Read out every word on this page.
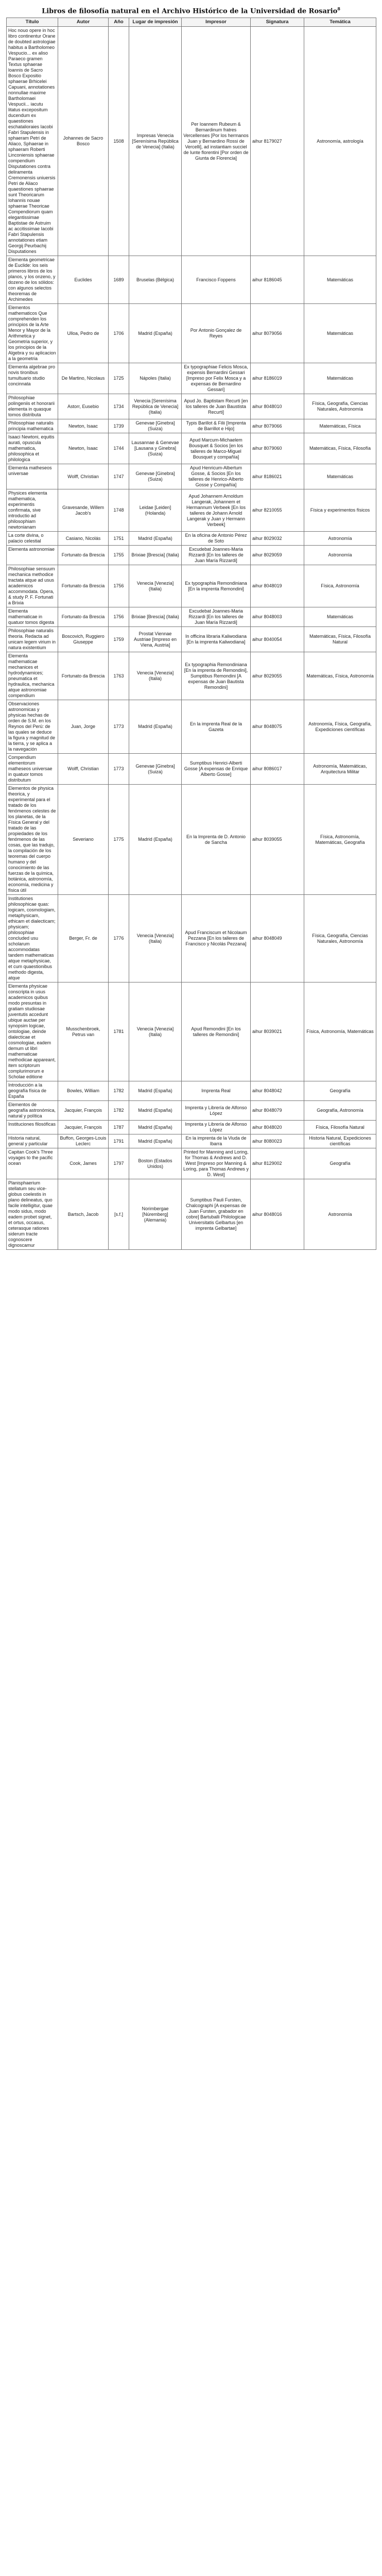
Libros de filosofía natural en el Archivo Histórico de la Universidad de Rosario$^8$
Título	Autor	Año	Lugar de impresión	Impresor	Signatura	Temática
Hoc nouo opere in hoc libro continentur Orane de doubted astrologiae habitus a Bartholomeo Vespucio... ex aliso Paraeco gramen Textus sphaerae loannis de Sacro Bosco Expositio sphaerae Brhicelei Capuani, annotationes nonnullae maxime Bartholomaei Vespucii... iacutu litatus excepositum ducendum ex quaestiones eschatalioraies Iacobi Fabri Stapulensis in sphaeram Petri de Aliaco, Sphaerae in sphaeram Roberti Linconiensis sphaerae compendium Disputationes contra deliramenta Cremonensis uniuersis Petri de Aliaco quaestiones sphaerae sunt Theoricarum Iohannis nouae sphaerae Theoricae Compendiorum quam elegantissimae Baptistae de Astruim ac accitissimae Iacobi Fabri Stapulensis annotationes etiam Georgij Peurbachij Disputationes	Johannes de Sacro Bosco	1508	Impresas Venecia [Serenísima República de Venecia] (Italia)	Per Ioannem Rubeum & Bernardinum fratres Vercellenses [Por los hermanos Juan y Bernardino Rossi de Vercelli], ad instantiam succiel de Iunte florentini [Por orden de Giunta de Florencia]	aihur 8179027	Astronomía, astrología
Elementa geometricae de Euclide: los seis primeros libros de los planos, y los onzeno, y dozeno de los sólidos: con algunos selectos theoremas de Archimedes	Euclides	1689	Bruselas (Bélgica)	Francisco Foppens	aihur 8186045	Matemáticas
Elementos mathematicos Que comprehenden los principios de la Arte Menor y Mayor de la Arithmetica y Geometria superior, y los principios de la Algebra y su aplicacion a la geometria	Ulloa, Pedro de	1706	Madrid (España)	Por Antonio Gonçalez de Reyes	aihur 8079056	Matemáticas
Elementa algebrae pro novis tironibus tumultuario studio concinnata	De Martino, Nicolaus	1725	Nápoles (Italia)	Ex typographiae Felicis Mosca, expensis Bernardini Gessari [Impreso por Felix Mosca y a expensas de Bernardino Gessari]	aihur 8186019	Matemáticas
Philosophiae polingeniis et honorarii elementa in quasque tomos distributa	Astorr, Eusebio	1734	Venecia [Serenísima República de Venecia] (Italia)	Apud Jo. Baptistam Recurti [en los talleres de Juan Baustista Recurti]	aihur 8048010	Física, Geografía, Ciencias Naturales, Astronomía
Philosophiae naturalis principia mathematica	Newton, Isaac	1739	Genevae [Ginebra] (Suiza)	Typis Barillot & Filii [Imprenta de Barrillot e Hijo]	aihur 8079066	Matemáticas, Física
Isaaci Newtoni, equitis aurati, opuscula mathematica, philosophica et philologica	Newton, Isaac	1744	Lausannae & Genevae [Lausana y Ginebra] (Suiza)	Apud Marcum-Michaelem Bousquet & Socios [en los talleres de Marco-Miguel Bousquet y compañía]	aihur 8079060	Matemáticas, Física, Filosofía
Elementa matheseos universae	Wolff, Christian	1747	Genevae [Ginebra] (Suiza)	Apud Henricum-Albertum Gosse, & Socios [En los talleres de Henrico-Alberto Gosse y Compañía]	aihur 8186021	Matemáticas
Physices elementa mathematica, experimentis confirmata, sive introductio ad philosophiam newtonianam	Gravesande, Willem Jacob's	1748	Leidae [Leiden] (Holanda)	Apud Johannem Arnoldum Langerak, Johannem et Hermannum Verbeek [En los talleres de Johann Arnold Langerak y Juan y Hermann Verbeek]	aihur 8210055	Física y experimentos físicos
La corte divina, o palacio celestial	Casiano, Nicolás	1751	Madrid (España)	En la oficina de Antonio Pérez de Soto	aihur 8029032	Astronomía
Elementa astronomiae	Fortunato da Brescia	1755	Brixiae [Brescia] (Italia)	Excudebat Joannes-Maria Rizzardi [En los talleres de Juan María Rizzardi]	aihur 8029059	Astronomía
Philosophiae sensuum mechanica methodice tractata atque ad usus academicos accommodata. Opera, & study P. F. Fortunati a Brixia	Fortunato da Brescia	1756	Venecia [Venezia] (Italia)	Ex typographia Remondiniana [En la imprenta Remondini]	aihur 8048019	Física, Astronomía
Elementa mathematicae in quatuor tomos digesta	Fortunato da Brescia	1756	Brixiae [Brescia] (Italia)	Excudebat Joannes-Maria Rizzardi [En los talleres de Juan María Rizzardi]	aihur 8048003	Matemáticas
Philosophiae naturalis theoria. Redacta ad unicam legem virium in natura existentium	Boscovich, Ruggiero Giuseppe	1759	Prostat Viennae Austriae [Impreso en Viena, Austria]	In officina libraria Kaliwodiana [En la imprenta Kaliwodiana]	aihur 8040054	Matemáticas, Física, Filosofía Natural
Elementa mathematicae mechanices et hydrodynamices; pneumatica et hydraulica, mechanica atque astronomiae compendium	Fortunato da Brescia	1763	Venecia [Venezia] (Italia)	Ex typographia Remondiniana [En la imprenta de Remondini], Sumptibus Remondini [A expensas de Juan Bautista Remondini]	aihur 8029055	Matemáticas, Física, Astronomía
Observaciones astronomicas y physicas hechas de orden de S.M. en los Reynos del Perú: de las quales se deduce la figura y magnitud de la tierra, y se aplica a la navegación	Juan, Jorge	1773	Madrid (España)	En la imprenta Real de la Gazeta	aihur 8048075	Astronomía, Física, Geografía, Expediciones científicas
Compendium elementorum matheseos universae in quatuor tomos distributum	Wolff, Christian	1773	Genevae [Ginebra] (Suiza)	Sumptibus Henrici-Alberti Gosse [A expensas de Enrique Alberto Gosse]	aihur 8086017	Astronomía, Matemáticas, Arquitectura Militar
Elementos de physica theorica, y experimental para el tratado de los fenómenos celestes de los planetas, de la Física General y del tratado de las propiedades de los fenómenos de las cosas, que las tradujo, la compilación de los teoremas del cuerpo humano y del conocimiento de las fuerzas de la química, botánica, astronomía, economía, medicina y física útil	Severiano	1775	Madrid (España)	En la Imprenta de D. Antonio de Sancha	aihur 8039055	Física, Astronomía, Matemáticas, Geografía
Institutiones philosophicae quas: logicam, cosmologiam, metaphysicam, ethicam et dialecticam; physicam; philosophiae concluded usu scholarum accommodatas tandem mathematicas atque metaphysicae, et cum quaestionibus methodo digesta, atque	Berger, Fr. de	1776	Venecia [Venezia] (Italia)	Apud Franciscum et Nicolaum Pezzana [En los talleres de Francisco y Nicolás Pezzana]	aihur 8048049	Física, Geografía, Ciencias Naturales, Astronomía
Elementa physicae conscripta in usus academicos quibus modo presuntas in gratiam studiosae juventutis accedunt ubique auctae per synopsim logicae, ontologiae, deinde dialecticae et cosmologiae, eadem demum ut libri mathematicae methodicae appareant, item scriptorum complurimorum e Scholae editione	Musschenbroek, Petrus van	1781	Venecia [Venezia] (Italia)	Apud Remondini [En los talleres de Remondini]	aihur 8039021	Física, Astronomía, Matemáticas
Introducción a la geografía física de España	Bowles, William	1782	Madrid (España)	Imprenta Real	aihur 8048042	Geografía
Elementos de geografía astronómica, natural y política	Jacquier, François	1782	Madrid (España)	Imprenta y Librería de Alfonso López	aihur 8048079	Geografía, Astronomía
Instituciones filosóficas	Jacquier, François	1787	Madrid (España)	Imprenta y Librería de Alfonso López	aihur 8048020	Física, Filosofía Natural
Historia natural, general y particular	Buffon, Georges-Louis Leclerc	1791	Madrid (España)	En la imprenta de la Viuda de Ibarra	aihur 8080023	Historia Natural, Expediciones científicas
Capitan Cook's Three voyages to the pacific ocean	Cook, James	1797	Boston (Estados Unidos)	Printed for Manning and Loring, for Thomas & Andrews and D. West [Impreso por Manning & Loring, para Thomas Andrews y D. West]	aihur 8129002	Geografía
Planisphaerium stellatum seu vice-globus coelestis in plano delineatus, quo facile intelligitur, quae modo sidus, modo eadem probet signet, et ortus, occasus, ceterasque rationes siderum tracte cognoscere dignoscamur	Bartsch, Jacob	[s.f.]	Norimbergae [Núremberg] (Alemania)	Sumptibus Pauli Fursten, Chalcographi [A expensas de Juan Fursten, grabador en cobre] Bartuballi Philologicae Universitatis Gelbartus [en imprenta Gelbartae]	aihur 8048016	Astronomía
